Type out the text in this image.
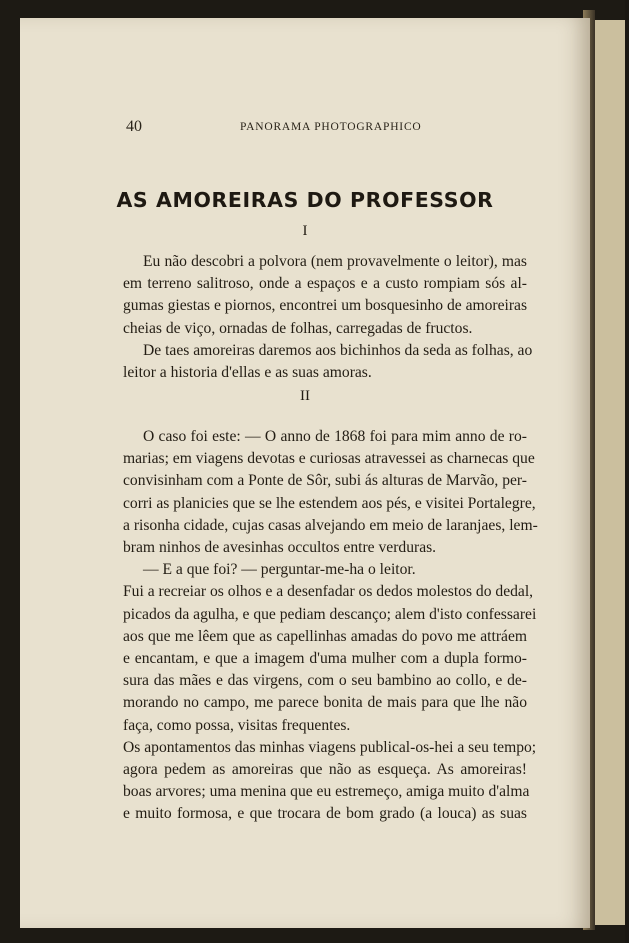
40	PANORAMA PHOTOGRAPHICO
AS AMOREIRAS DO PROFESSOR
I
Eu não descobri a polvora (nem provavelmente o leitor), mas
em terreno salitroso, onde a espaços e a custo rompiam sós al-
gumas giestas e piornos, encontrei um bosquesinho de amoreiras
cheias de viço, ornadas de folhas, carregadas de fructos.
De taes amoreiras daremos aos bichinhos da seda as folhas, ao
leitor a historia d'ellas e as suas amoras.
II
O caso foi este: — O anno de 1868 foi para mim anno de ro-
marias; em viagens devotas e curiosas atravessei as charnecas que
convisinham com a Ponte de Sôr, subi ás alturas de Marvão, per-
corri as planicies que se lhe estendem aos pés, e visitei Portalegre,
a risonha cidade, cujas casas alvejando em meio de laranjaes, lem-
bram ninhos de avesinhas occultos entre verduras.
— E a que foi? — perguntar-me-ha o leitor.
Fui a recreiar os olhos e a desenfadar os dedos molestos do dedal,
picados da agulha, e que pediam descanço; alem d'isto confessarei
aos que me lêem que as capellinhas amadas do povo me attráem
e encantam, e que a imagem d'uma mulher com a dupla formo-
sura das mães e das virgens, com o seu bambino ao collo, e de-
morando no campo, me parece bonita de mais para que lhe não
faça, como possa, visitas frequentes.
Os apontamentos das minhas viagens publical-os-hei a seu tempo;
agora pedem as amoreiras que não as esqueça. As amoreiras!
boas arvores; uma menina que eu estremeço, amiga muito d'alma
e muito formosa, e que trocara de bom grado (a louca) as suas
